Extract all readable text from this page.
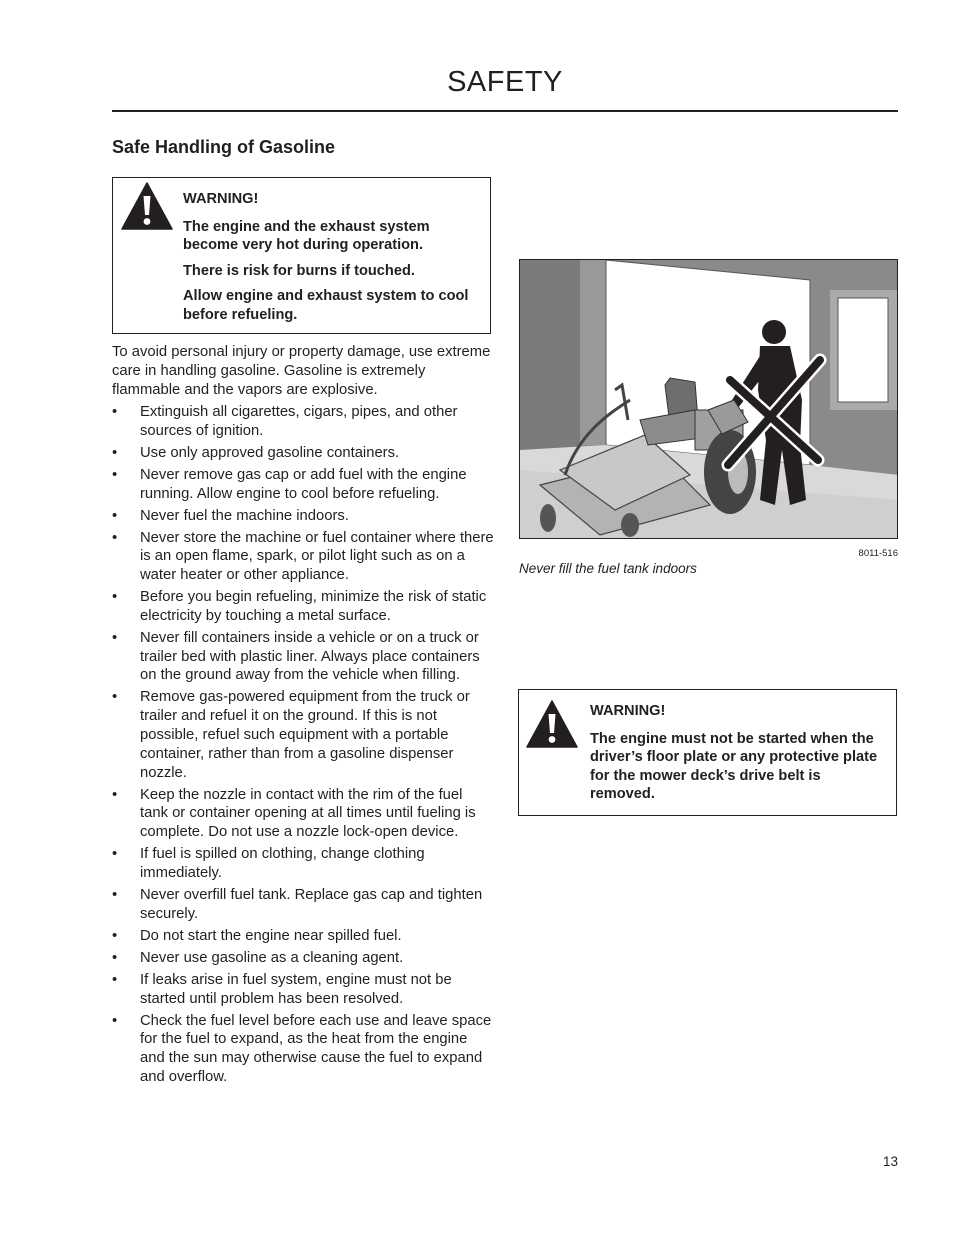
SAFETY
Safe Handling of Gasoline

WARNING!

The engine and the exhaust system become very hot during operation.

There is risk for burns if touched.

Allow engine and exhaust system to cool before refueling.

To avoid personal injury or property damage, use extreme care in handling gasoline. Gasoline is extremely flammable and the vapors are explosive.

• Extinguish all cigarettes, cigars, pipes, and other sources of ignition.
• Use only approved gasoline containers.
• Never remove gas cap or add fuel with the engine running. Allow engine to cool before refueling.
• Never fuel the machine indoors.
• Never store the machine or fuel container where there is an open flame, spark, or pilot light such as on a water heater or other appliance.
• Before you begin refueling, minimize the risk of static electricity by touching a metal surface.
• Never fill containers inside a vehicle or on a truck or trailer bed with plastic liner. Always place containers on the ground away from the vehicle when filling.
• Remove gas-powered equipment from the truck or trailer and refuel it on the ground. If this is not possible, refuel such equipment with a portable container, rather than from a gasoline dispenser nozzle.
• Keep the nozzle in contact with the rim of the fuel tank or container opening at all times until fueling is complete. Do not use a nozzle lock-open device.
• If fuel is spilled on clothing, change clothing immediately.
• Never overfill fuel tank. Replace gas cap and tighten securely.
• Do not start the engine near spilled fuel.
• Never use gasoline as a cleaning agent.
• If leaks arise in fuel system, engine must not be started until problem has been resolved.
• Check the fuel level before each use and leave space for the fuel to expand, as the heat from the engine and the sun may otherwise cause the fuel to expand and overflow.
8011-516
Never fill the fuel tank indoors

WARNING!

The engine must not be started when the driver’s floor plate or any protective plate for the mower deck’s drive belt is removed.

13
